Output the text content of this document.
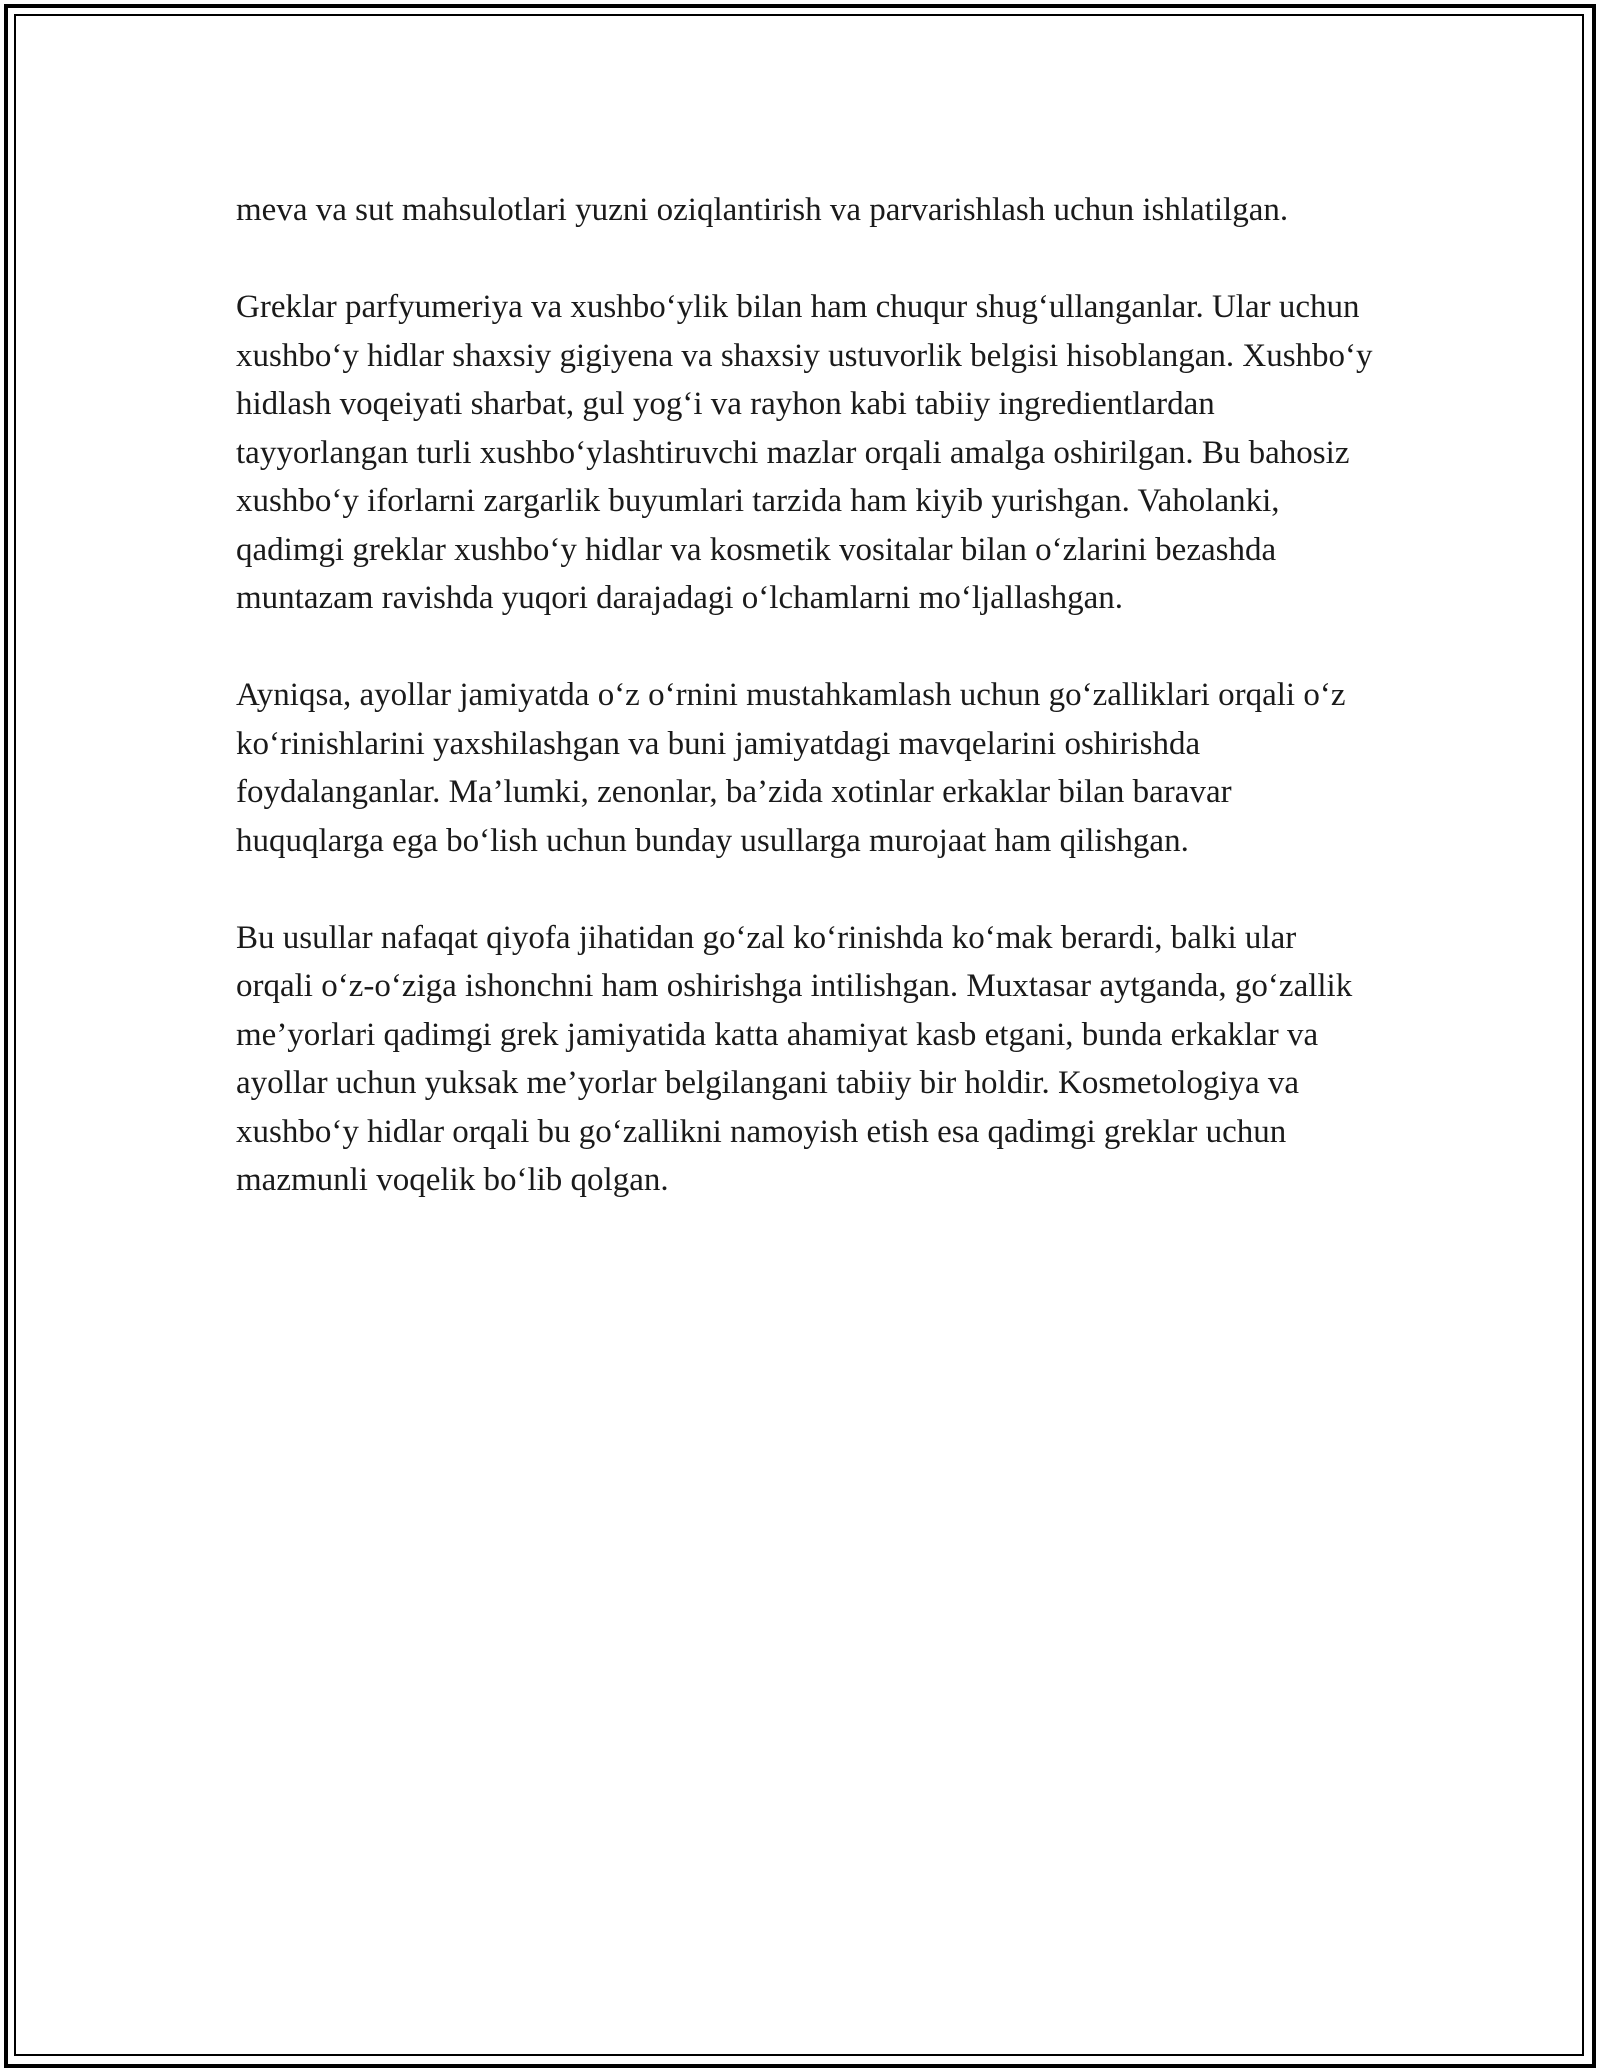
meva va sut mahsulotlari yuzni oziqlantirish va parvarishlash uchun ishlatilgan.

Greklar parfyumeriya va xushbo‘ylik bilan ham chuqur shug‘ullanganlar. Ular uchun xushbo‘y hidlar shaxsiy gigiyena va shaxsiy ustuvorlik belgisi hisoblangan. Xushbo‘y hidlash voqeiyati sharbat, gul yog‘i va rayhon kabi tabiiy ingredientlardan tayyorlangan turli xushbo‘ylashtiruvchi mazlar orqali amalga oshirilgan. Bu bahosiz xushbo‘y iforlarni zargarlik buyumlari tarzida ham kiyib yurishgan. Vaholanki, qadimgi greklar xushbo‘y hidlar va kosmetik vositalar bilan o‘zlarini bezashda muntazam ravishda yuqori darajadagi o‘lchamlarni mo‘ljallashgan.

Ayniqsa, ayollar jamiyatda o‘z o‘rnini mustahkamlash uchun go‘zalliklari orqali o‘z ko‘rinishlarini yaxshilashgan va buni jamiyatdagi mavqelarini oshirishda foydalanganlar. Ma’lumki, zenonlar, ba’zida xotinlar erkaklar bilan baravar huquqlarga ega bo‘lish uchun bunday usullarga murojaat ham qilishgan.

Bu usullar nafaqat qiyofa jihatidan go‘zal ko‘rinishda ko‘mak berardi, balki ular orqali o‘z-o‘ziga ishonchni ham oshirishga intilishgan. Muxtasar aytganda, go‘zallik me’yorlari qadimgi grek jamiyatida katta ahamiyat kasb etgani, bunda erkaklar va ayollar uchun yuksak me’yorlar belgilangani tabiiy bir holdir. Kosmetologiya va xushbo‘y hidlar orqali bu go‘zallikni namoyish etish esa qadimgi greklar uchun mazmunli voqelik bo‘lib qolgan.
